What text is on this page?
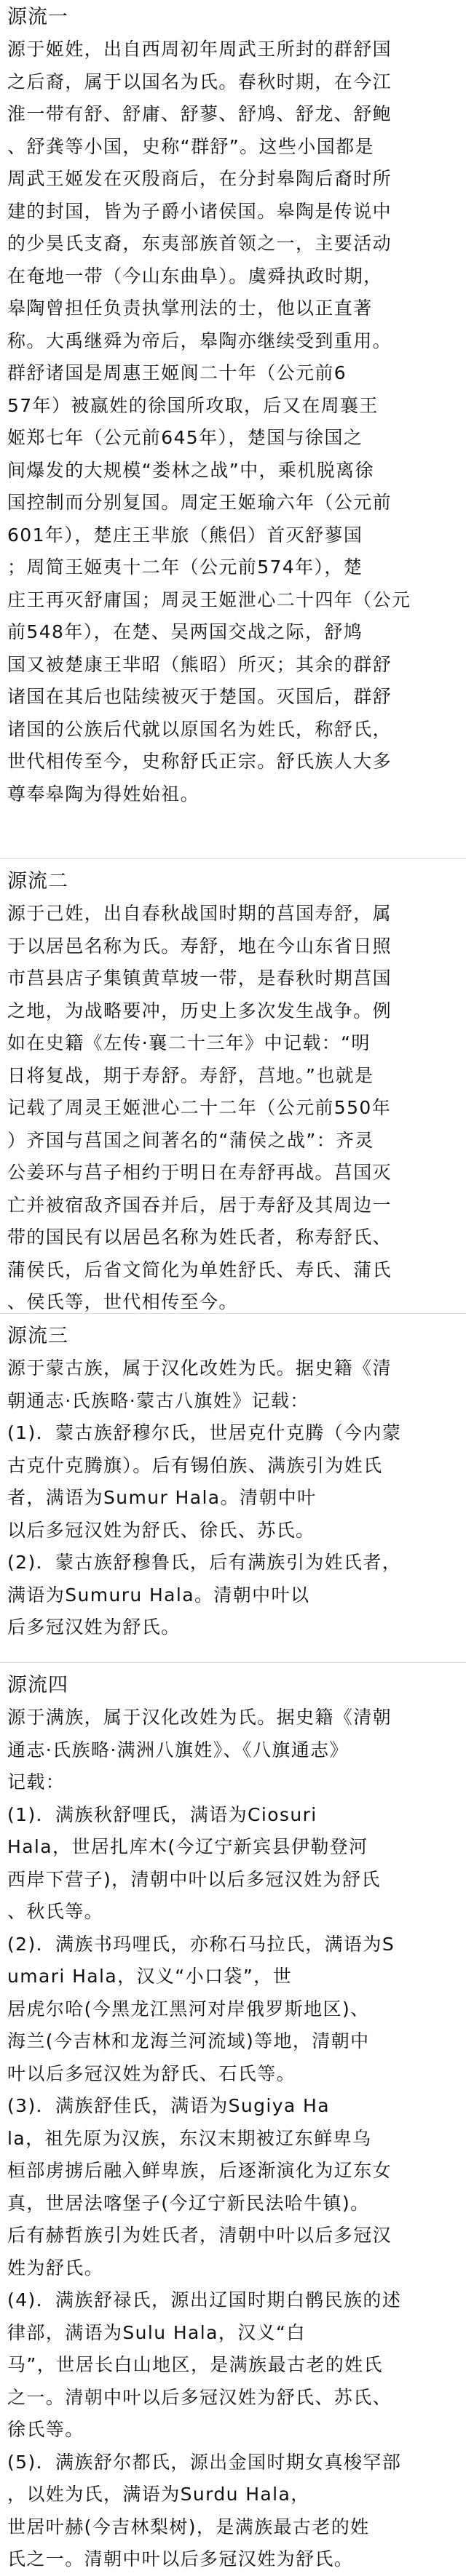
源流一
源于姬姓，出自西周初年周武王所封的群舒国
之后裔，属于以国名为氏。春秋时期，在今江
淮一带有舒、舒庸、舒蓼、舒鸠、舒龙、舒鲍
、舒龚等小国，史称“群舒”。这些小国都是
周武王姬发在灭殷商后，在分封皋陶后裔时所
建的封国，皆为子爵小诸侯国。皋陶是传说中
的少昊氏支裔，东夷部族首领之一，主要活动
在奄地一带（今山东曲阜）。虞舜执政时期，
皋陶曾担任负责执掌刑法的士，他以正直著
称。大禹继舜为帝后，皋陶亦继续受到重用。
群舒诸国是周惠王姬阆二十年（公元前6
57年）被嬴姓的徐国所攻取，后又在周襄王
姬郑七年（公元前645年），楚国与徐国之
间爆发的大规模“娄林之战”中，乘机脱离徐
国控制而分别复国。周定王姬瑜六年（公元前
601年），楚庄王芈旅（熊侣）首灭舒蓼国
；周简王姬夷十二年（公元前574年），楚
庄王再灭舒庸国；周灵王姬泄心二十四年（公元
前548年），在楚、吴两国交战之际，舒鸠
国又被楚康王芈昭（熊昭）所灭；其余的群舒
诸国在其后也陆续被灭于楚国。灭国后，群舒
诸国的公族后代就以原国名为姓氏，称舒氏，
世代相传至今，史称舒氏正宗。舒氏族人大多
尊奉皋陶为得姓始祖。
源流二
源于己姓，出自春秋战国时期的莒国寿舒，属
于以居邑名称为氏。寿舒，地在今山东省日照
市莒县店子集镇黄草坡一带，是春秋时期莒国
之地，为战略要冲，历史上多次发生战争。例
如在史籍《左传·襄二十三年》中记载：“明
日将复战，期于寿舒。寿舒，莒地。”也就是
记载了周灵王姬泄心二十二年（公元前550年
）齐国与莒国之间著名的“蒲侯之战”：齐灵
公姜环与莒子相约于明日在寿舒再战。莒国灭
亡并被宿敌齐国吞并后，居于寿舒及其周边一
带的国民有以居邑名称为姓氏者，称寿舒氏、
蒲侯氏，后省文简化为单姓舒氏、寿氏、蒲氏
、侯氏等，世代相传至今。
源流三
源于蒙古族，属于汉化改姓为氏。据史籍《清
朝通志·氏族略·蒙古八旗姓》记载：
(1)．蒙古族舒穆尔氏，世居克什克腾（今内蒙
古克什克腾旗）。后有锡伯族、满族引为姓氏
者，满语为Sumur Hala。清朝中叶
以后多冠汉姓为舒氏、徐氏、苏氏。
(2)．蒙古族舒穆鲁氏，后有满族引为姓氏者，
满语为Sumuru Hala。清朝中叶以
后多冠汉姓为舒氏。
源流四
源于满族，属于汉化改姓为氏。据史籍《清朝
通志·氏族略·满洲八旗姓》、《八旗通志》
记载：
(1)．满族秋舒哩氏，满语为Ciosuri
Hala，世居扎库木(今辽宁新宾县伊勒登河
西岸下营子)，清朝中叶以后多冠汉姓为舒氏
、秋氏等。
(2)．满族书玛哩氏，亦称石马拉氏，满语为S
umari Hala，汉义“小口袋”，世
居虎尔哈(今黑龙江黑河对岸俄罗斯地区)、
海兰(今吉林和龙海兰河流域)等地，清朝中
叶以后多冠汉姓为舒氏、石氏等。
(3)．满族舒佳氏，满语为Sugiya Ha
la，祖先原为汉族，东汉末期被辽东鲜卑乌
桓部虏掳后融入鲜卑族，后逐渐演化为辽东女
真，世居法喀堡子(今辽宁新民法哈牛镇)。
后有赫哲族引为姓氏者，清朝中叶以后多冠汉
姓为舒氏。
(4)．满族舒禄氏，源出辽国时期白鹘民族的述
律部，满语为Sulu Hala，汉义“白
马”，世居长白山地区，是满族最古老的姓氏
之一。清朝中叶以后多冠汉姓为舒氏、苏氏、
徐氏等。
(5)．满族舒尔都氏，源出金国时期女真梭罕部
，以姓为氏，满语为Surdu Hala，
世居叶赫(今吉林梨树)，是满族最古老的姓
氏之一。清朝中叶以后多冠汉姓为舒氏。
